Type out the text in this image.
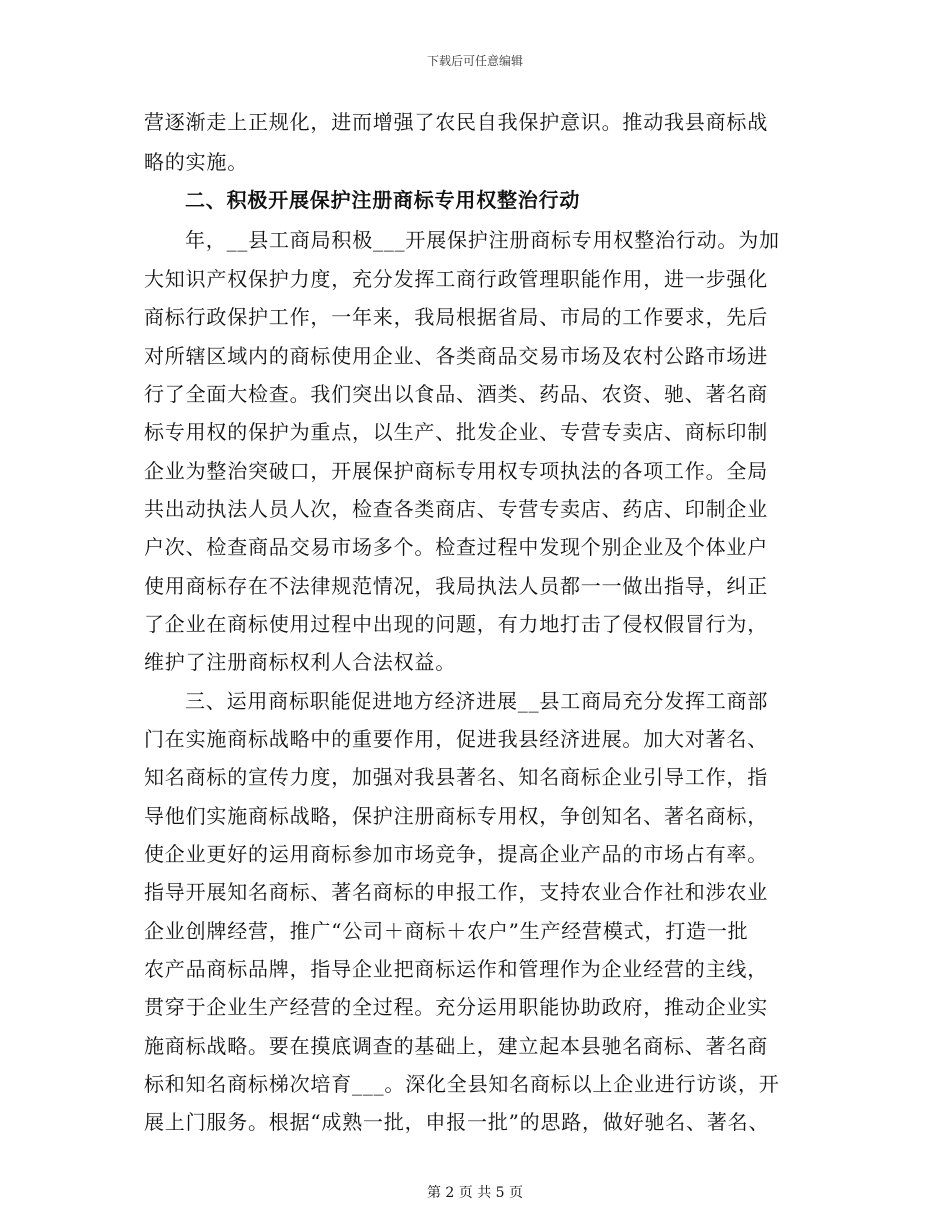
下载后可任意编辑
营逐渐走上正规化，进而增强了农民自我保护意识。推动我县商标战
略的实施。
二、积极开展保护注册商标专用权整治行动
年，__县工商局积极___开展保护注册商标专用权整治行动。为加
大知识产权保护力度，充分发挥工商行政管理职能作用，进一步强化
商标行政保护工作，一年来，我局根据省局、市局的工作要求，先后
对所辖区域内的商标使用企业、各类商品交易市场及农村公路市场进
行了全面大检查。我们突出以食品、酒类、药品、农资、驰、著名商
标专用权的保护为重点，以生产、批发企业、专营专卖店、商标印制
企业为整治突破口，开展保护商标专用权专项执法的各项工作。全局
共出动执法人员人次，检查各类商店、专营专卖店、药店、印制企业
户次、检查商品交易市场多个。检查过程中发现个别企业及个体业户
使用商标存在不法律规范情况，我局执法人员都一一做出指导，纠正
了企业在商标使用过程中出现的问题，有力地打击了侵权假冒行为，
维护了注册商标权利人合法权益。
三、运用商标职能促进地方经济进展__县工商局充分发挥工商部
门在实施商标战略中的重要作用，促进我县经济进展。加大对著名、
知名商标的宣传力度，加强对我县著名、知名商标企业引导工作，指
导他们实施商标战略，保护注册商标专用权，争创知名、著名商标，
使企业更好的运用商标参加市场竞争，提高企业产品的市场占有率。
指导开展知名商标、著名商标的申报工作，支持农业合作社和涉农业
企业创牌经营，推广“公司＋商标＋农户”生产经营模式，打造一批
农产品商标品牌，指导企业把商标运作和管理作为企业经营的主线，
贯穿于企业生产经营的全过程。充分运用职能协助政府，推动企业实
施商标战略。要在摸底调查的基础上，建立起本县驰名商标、著名商
标和知名商标梯次培育___。深化全县知名商标以上企业进行访谈，开
展上门服务。根据“成熟一批，申报一批”的思路，做好驰名、著名、
第 2 页 共 5 页
